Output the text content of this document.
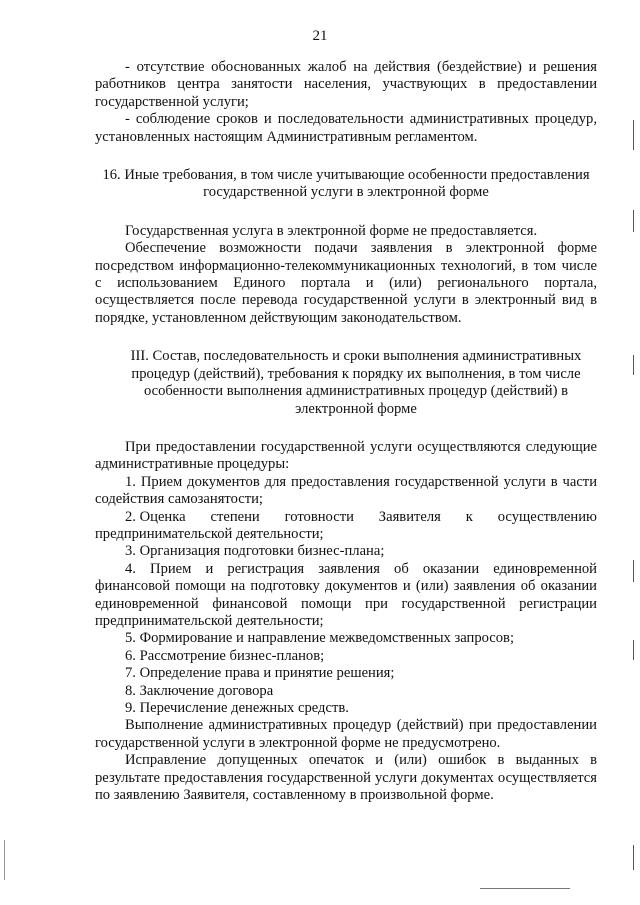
21

- отсутствие обоснованных жалоб на действия (бездействие) и решения работников центра занятости населения, участвующих в предоставлении государственной услуги;

- соблюдение сроков и последовательности административных процедур, установленных настоящим Административным регламентом.

16. Иные требования, в том числе учитывающие особенности предоставления
государственной услуги в электронной форме

Государственная услуга в электронной форме не предоставляется.

Обеспечение возможности подачи заявления в электронной форме посредством информационно-телекоммуникационных технологий, в том числе с использованием Единого портала и (или) регионального портала, осуществляется после перевода государственной услуги в электронный вид в порядке, установленном действующим законодательством.

III. Состав, последовательность и сроки выполнения административных
процедур (действий), требования к порядку их выполнения, в том числе
особенности выполнения административных процедур (действий) в
электронной форме

При предоставлении государственной услуги осуществляются следующие административные процедуры:

1. Прием документов для предоставления государственной услуги в части содействия самозанятости;

2. Оценка степени готовности Заявителя к осуществлению

предпринимательской деятельности;

3. Организация подготовки бизнес-плана;

4. Прием и регистрация заявления об оказании единовременной финансовой помощи на подготовку документов и (или) заявления об оказании единовременной финансовой помощи при государственной регистрации предпринимательской деятельности;

5. Формирование и направление межведомственных запросов;

6. Рассмотрение бизнес-планов;

7. Определение права и принятие решения;

8. Заключение договора

9. Перечисление денежных средств.

Выполнение административных процедур (действий) при предоставлении государственной услуги в электронной форме не предусмотрено.

Исправление допущенных опечаток и (или) ошибок в выданных в результате предоставления государственной услуги документах осуществляется по заявлению Заявителя, составленному в произвольной форме.
